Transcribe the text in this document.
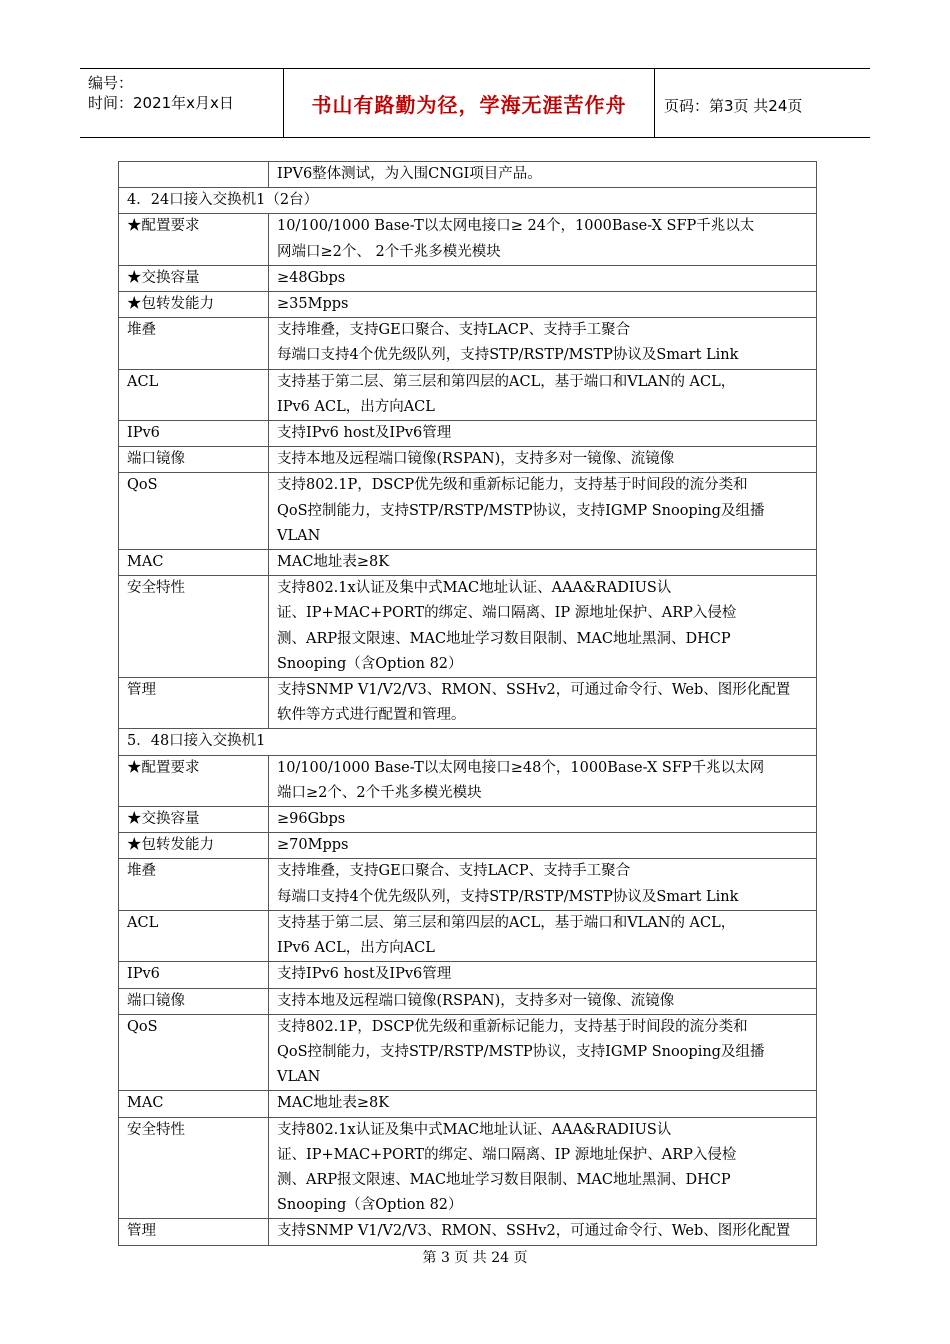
编号：
时间：2021年x月x日	书山有路勤为径，学海无涯苦作舟	页码：第3页 共24页

	IPV6整体测试，为入围CNGI项目产品。

4．24口接入交换机1（2台）	
★配置要求	10/100/1000 Base-T以太网电接口≥ 24个，1000Base-X SFP千兆以太
网端口≥2个、 2个千兆多模光模块

★交换容量	≥48Gbps

★包转发能力	≥35Mpps

堆叠	支持堆叠，支持GE口聚合、支持LACP、支持手工聚合
每端口支持4个优先级队列，支持STP/RSTP/MSTP协议及Smart Link

ACL	支持基于第二层、第三层和第四层的ACL，基于端口和VLAN的 ACL，
IPv6 ACL，出方向ACL

IPv6	支持IPv6 host及IPv6管理

端口镜像	支持本地及远程端口镜像(RSPAN)，支持多对一镜像、流镜像

QoS	支持802.1P，DSCP优先级和重新标记能力，支持基于时间段的流分类和
QoS控制能力，支持STP/RSTP/MSTP协议，支持IGMP Snooping及组播
VLAN

MAC	MAC地址表≥8K

安全特性	支持802.1x认证及集中式MAC地址认证、AAA&RADIUS认
证、IP+MAC+PORT的绑定、端口隔离、IP 源地址保护、ARP入侵检
测、ARP报文限速、MAC地址学习数目限制、MAC地址黑洞、DHCP
Snooping（含Option 82）

管理	支持SNMP V1/V2/V3、RMON、SSHv2，可通过命令行、Web、图形化配置
软件等方式进行配置和管理。

5．48口接入交换机1	
★配置要求	10/100/1000 Base-T以太网电接口≥48个，1000Base-X SFP千兆以太网
端口≥2个、2个千兆多模光模块

★交换容量	≥96Gbps

★包转发能力	≥70Mpps

堆叠	支持堆叠，支持GE口聚合、支持LACP、支持手工聚合
每端口支持4个优先级队列，支持STP/RSTP/MSTP协议及Smart Link

ACL	支持基于第二层、第三层和第四层的ACL，基于端口和VLAN的 ACL，
IPv6 ACL，出方向ACL

IPv6	支持IPv6 host及IPv6管理

端口镜像	支持本地及远程端口镜像(RSPAN)，支持多对一镜像、流镜像

QoS	支持802.1P，DSCP优先级和重新标记能力，支持基于时间段的流分类和
QoS控制能力，支持STP/RSTP/MSTP协议，支持IGMP Snooping及组播
VLAN

MAC	MAC地址表≥8K

安全特性	支持802.1x认证及集中式MAC地址认证、AAA&RADIUS认
证、IP+MAC+PORT的绑定、端口隔离、IP 源地址保护、ARP入侵检
测、ARP报文限速、MAC地址学习数目限制、MAC地址黑洞、DHCP
Snooping（含Option 82）

管理	支持SNMP V1/V2/V3、RMON、SSHv2，可通过命令行、Web、图形化配置
第 3 页 共 24 页
